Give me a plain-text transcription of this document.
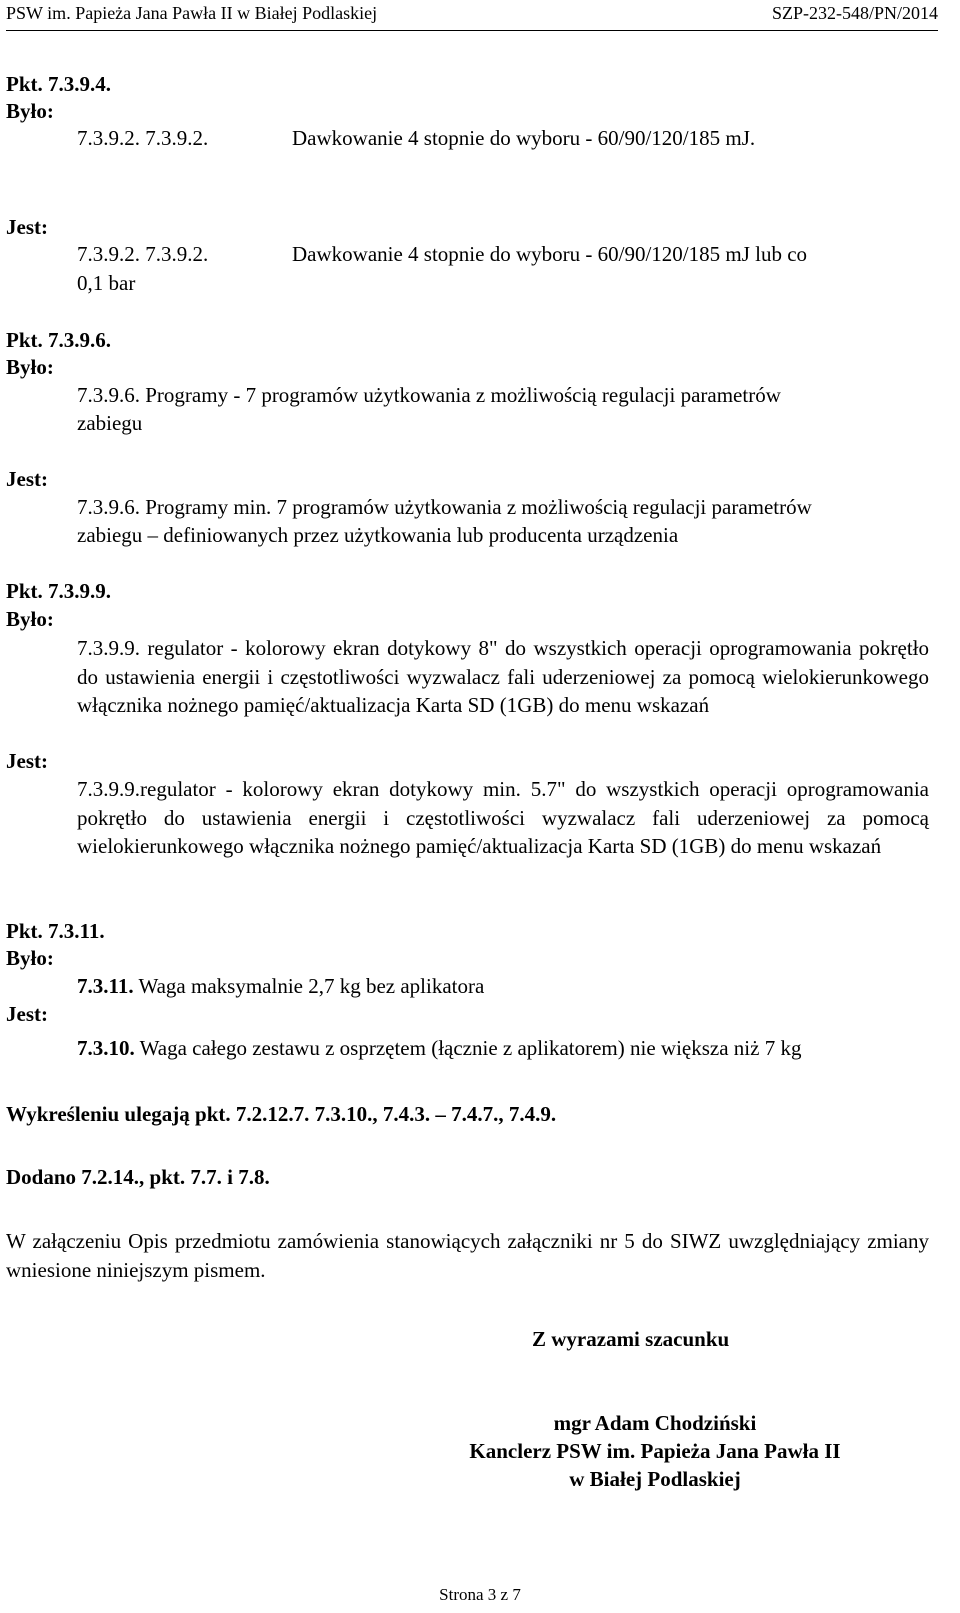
PSW im. Papieża Jana Pawła II w Białej Podlaskiej	SZP-232-548/PN/2014
Pkt. 7.3.9.4.
Było:
7.3.9.2. 7.3.9.2.	Dawkowanie 4 stopnie do wyboru - 60/90/120/185 mJ.
Jest:
7.3.9.2. 7.3.9.2.	Dawkowanie 4 stopnie do wyboru - 60/90/120/185 mJ lub co
0,1 bar
Pkt. 7.3.9.6.
Było:
7.3.9.6. Programy - 7 programów użytkowania z możliwością regulacji parametrów
zabiegu
Jest:
7.3.9.6. Programy min. 7 programów użytkowania z możliwością regulacji parametrów
zabiegu – definiowanych przez użytkowania lub producenta urządzenia
Pkt. 7.3.9.9.
Było:
7.3.9.9. regulator - kolorowy ekran dotykowy 8" do wszystkich operacji oprogramowania pokrętło do ustawienia energii i częstotliwości wyzwalacz fali uderzeniowej za pomocą wielokierunkowego włącznika nożnego pamięć/aktualizacja Karta SD (1GB) do menu wskazań
Jest:
7.3.9.9.regulator - kolorowy ekran dotykowy min. 5.7" do wszystkich operacji oprogramowania pokrętło do ustawienia energii i częstotliwości wyzwalacz fali uderzeniowej za pomocą wielokierunkowego włącznika nożnego pamięć/aktualizacja Karta SD (1GB) do menu wskazań
Pkt. 7.3.11.
Było:
7.3.11. Waga maksymalnie 2,7 kg bez aplikatora
Jest:
7.3.10. Waga całego zestawu z osprzętem (łącznie z aplikatorem) nie większa niż 7 kg
Wykreśleniu ulegają pkt. 7.2.12.7. 7.3.10., 7.4.3. – 7.4.7., 7.4.9.
Dodano 7.2.14., pkt. 7.7. i 7.8.
W załączeniu Opis przedmiotu zamówienia stanowiących załączniki nr 5 do SIWZ uwzględniający zmiany wniesione niniejszym pismem.
Z wyrazami szacunku
mgr Adam Chodziński
Kanclerz PSW im. Papieża Jana Pawła II
w Białej Podlaskiej
Strona 3 z 7
